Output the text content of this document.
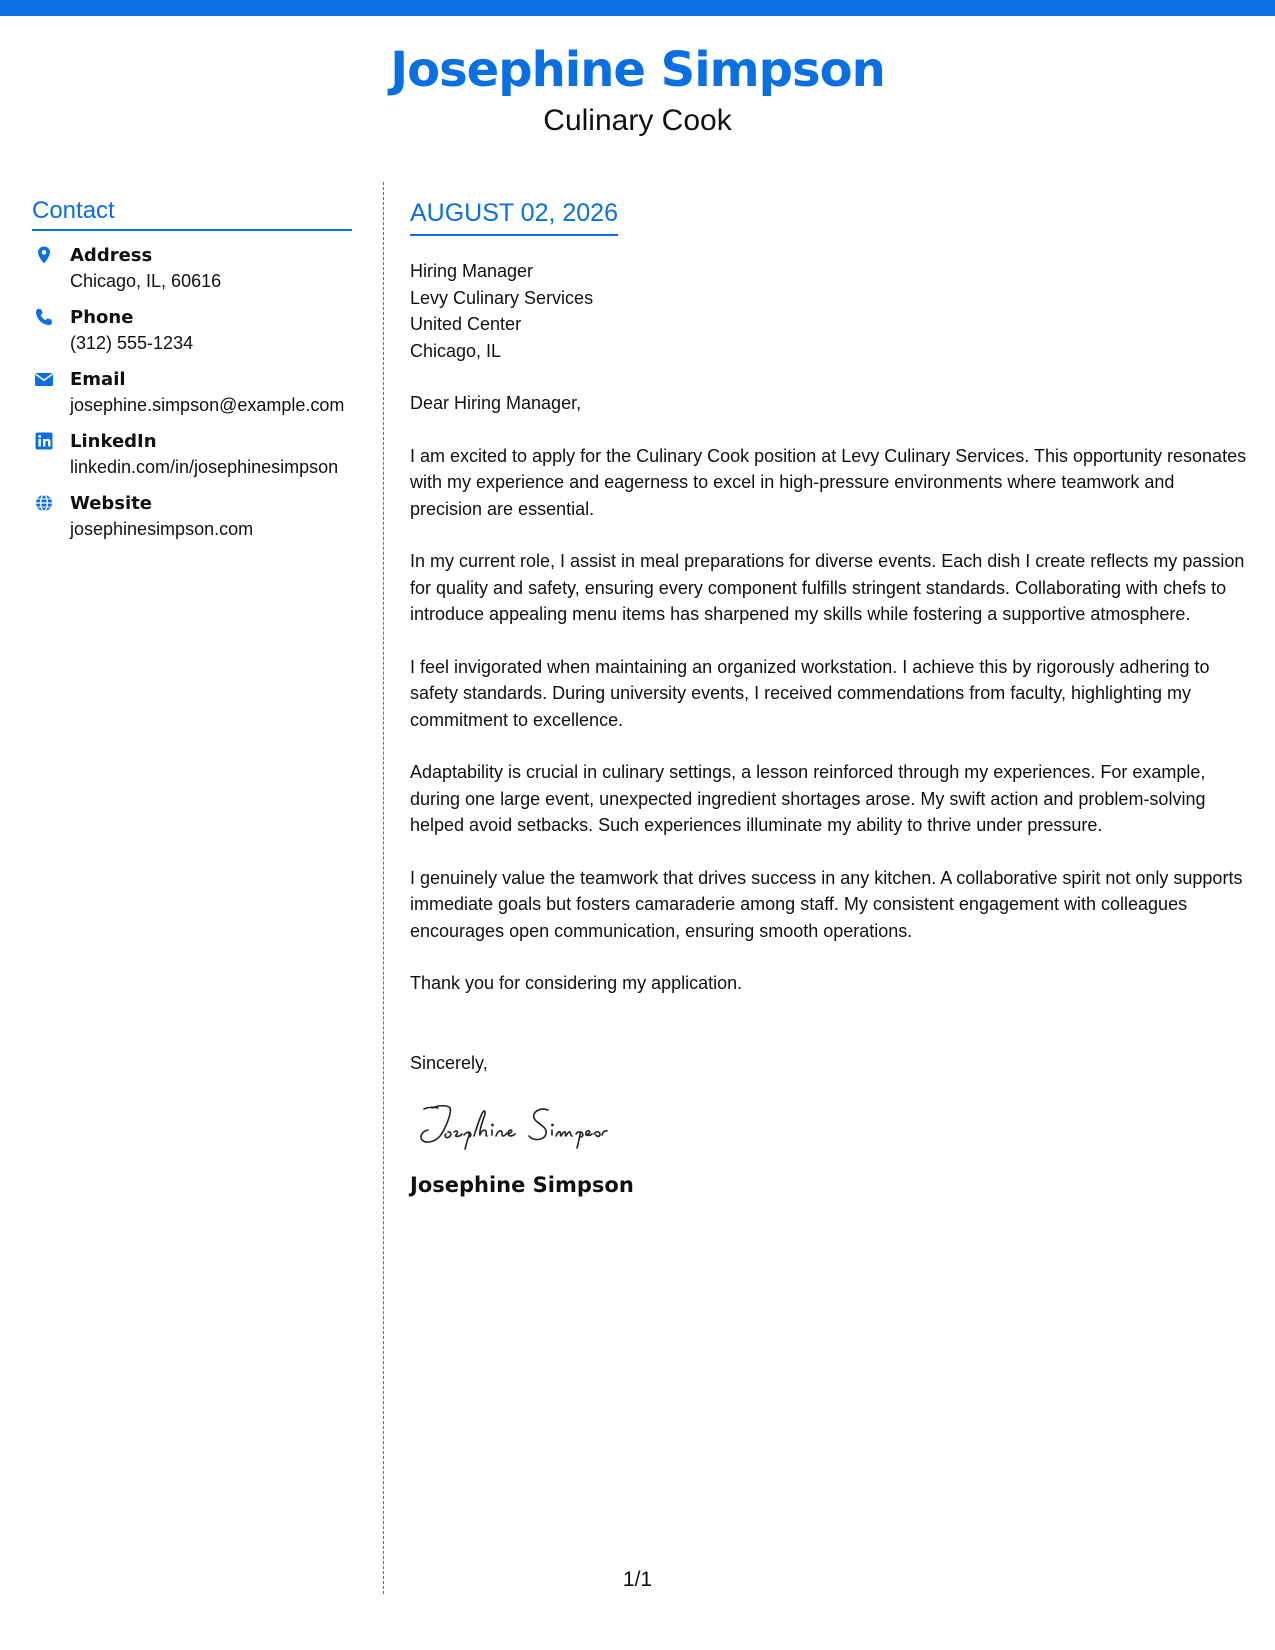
Josephine Simpson
Culinary Cook
Contact
Address
Chicago, IL, 60616
Phone
(312) 555-1234
Email
josephine.simpson@example.com
LinkedIn
linkedin.com/in/josephinesimpson
Website
josephinesimpson.com
AUGUST 02, 2026
Hiring Manager
Levy Culinary Services
United Center
Chicago, IL
Dear Hiring Manager,
I am excited to apply for the Culinary Cook position at Levy Culinary Services. This opportunity resonates with my experience and eagerness to excel in high-pressure environments where teamwork and precision are essential.
In my current role, I assist in meal preparations for diverse events. Each dish I create reflects my passion for quality and safety, ensuring every component fulfills stringent standards. Collaborating with chefs to introduce appealing menu items has sharpened my skills while fostering a supportive atmosphere.
I feel invigorated when maintaining an organized workstation. I achieve this by rigorously adhering to safety standards. During university events, I received commendations from faculty, highlighting my commitment to excellence.
Adaptability is crucial in culinary settings, a lesson reinforced through my experiences. For example, during one large event, unexpected ingredient shortages arose. My swift action and problem-solving helped avoid setbacks. Such experiences illuminate my ability to thrive under pressure.
I genuinely value the teamwork that drives success in any kitchen. A collaborative spirit not only supports immediate goals but fosters camaraderie among staff. My consistent engagement with colleagues encourages open communication, ensuring smooth operations.
Thank you for considering my application.
Sincerely,
Josephine Simpson
1/1
